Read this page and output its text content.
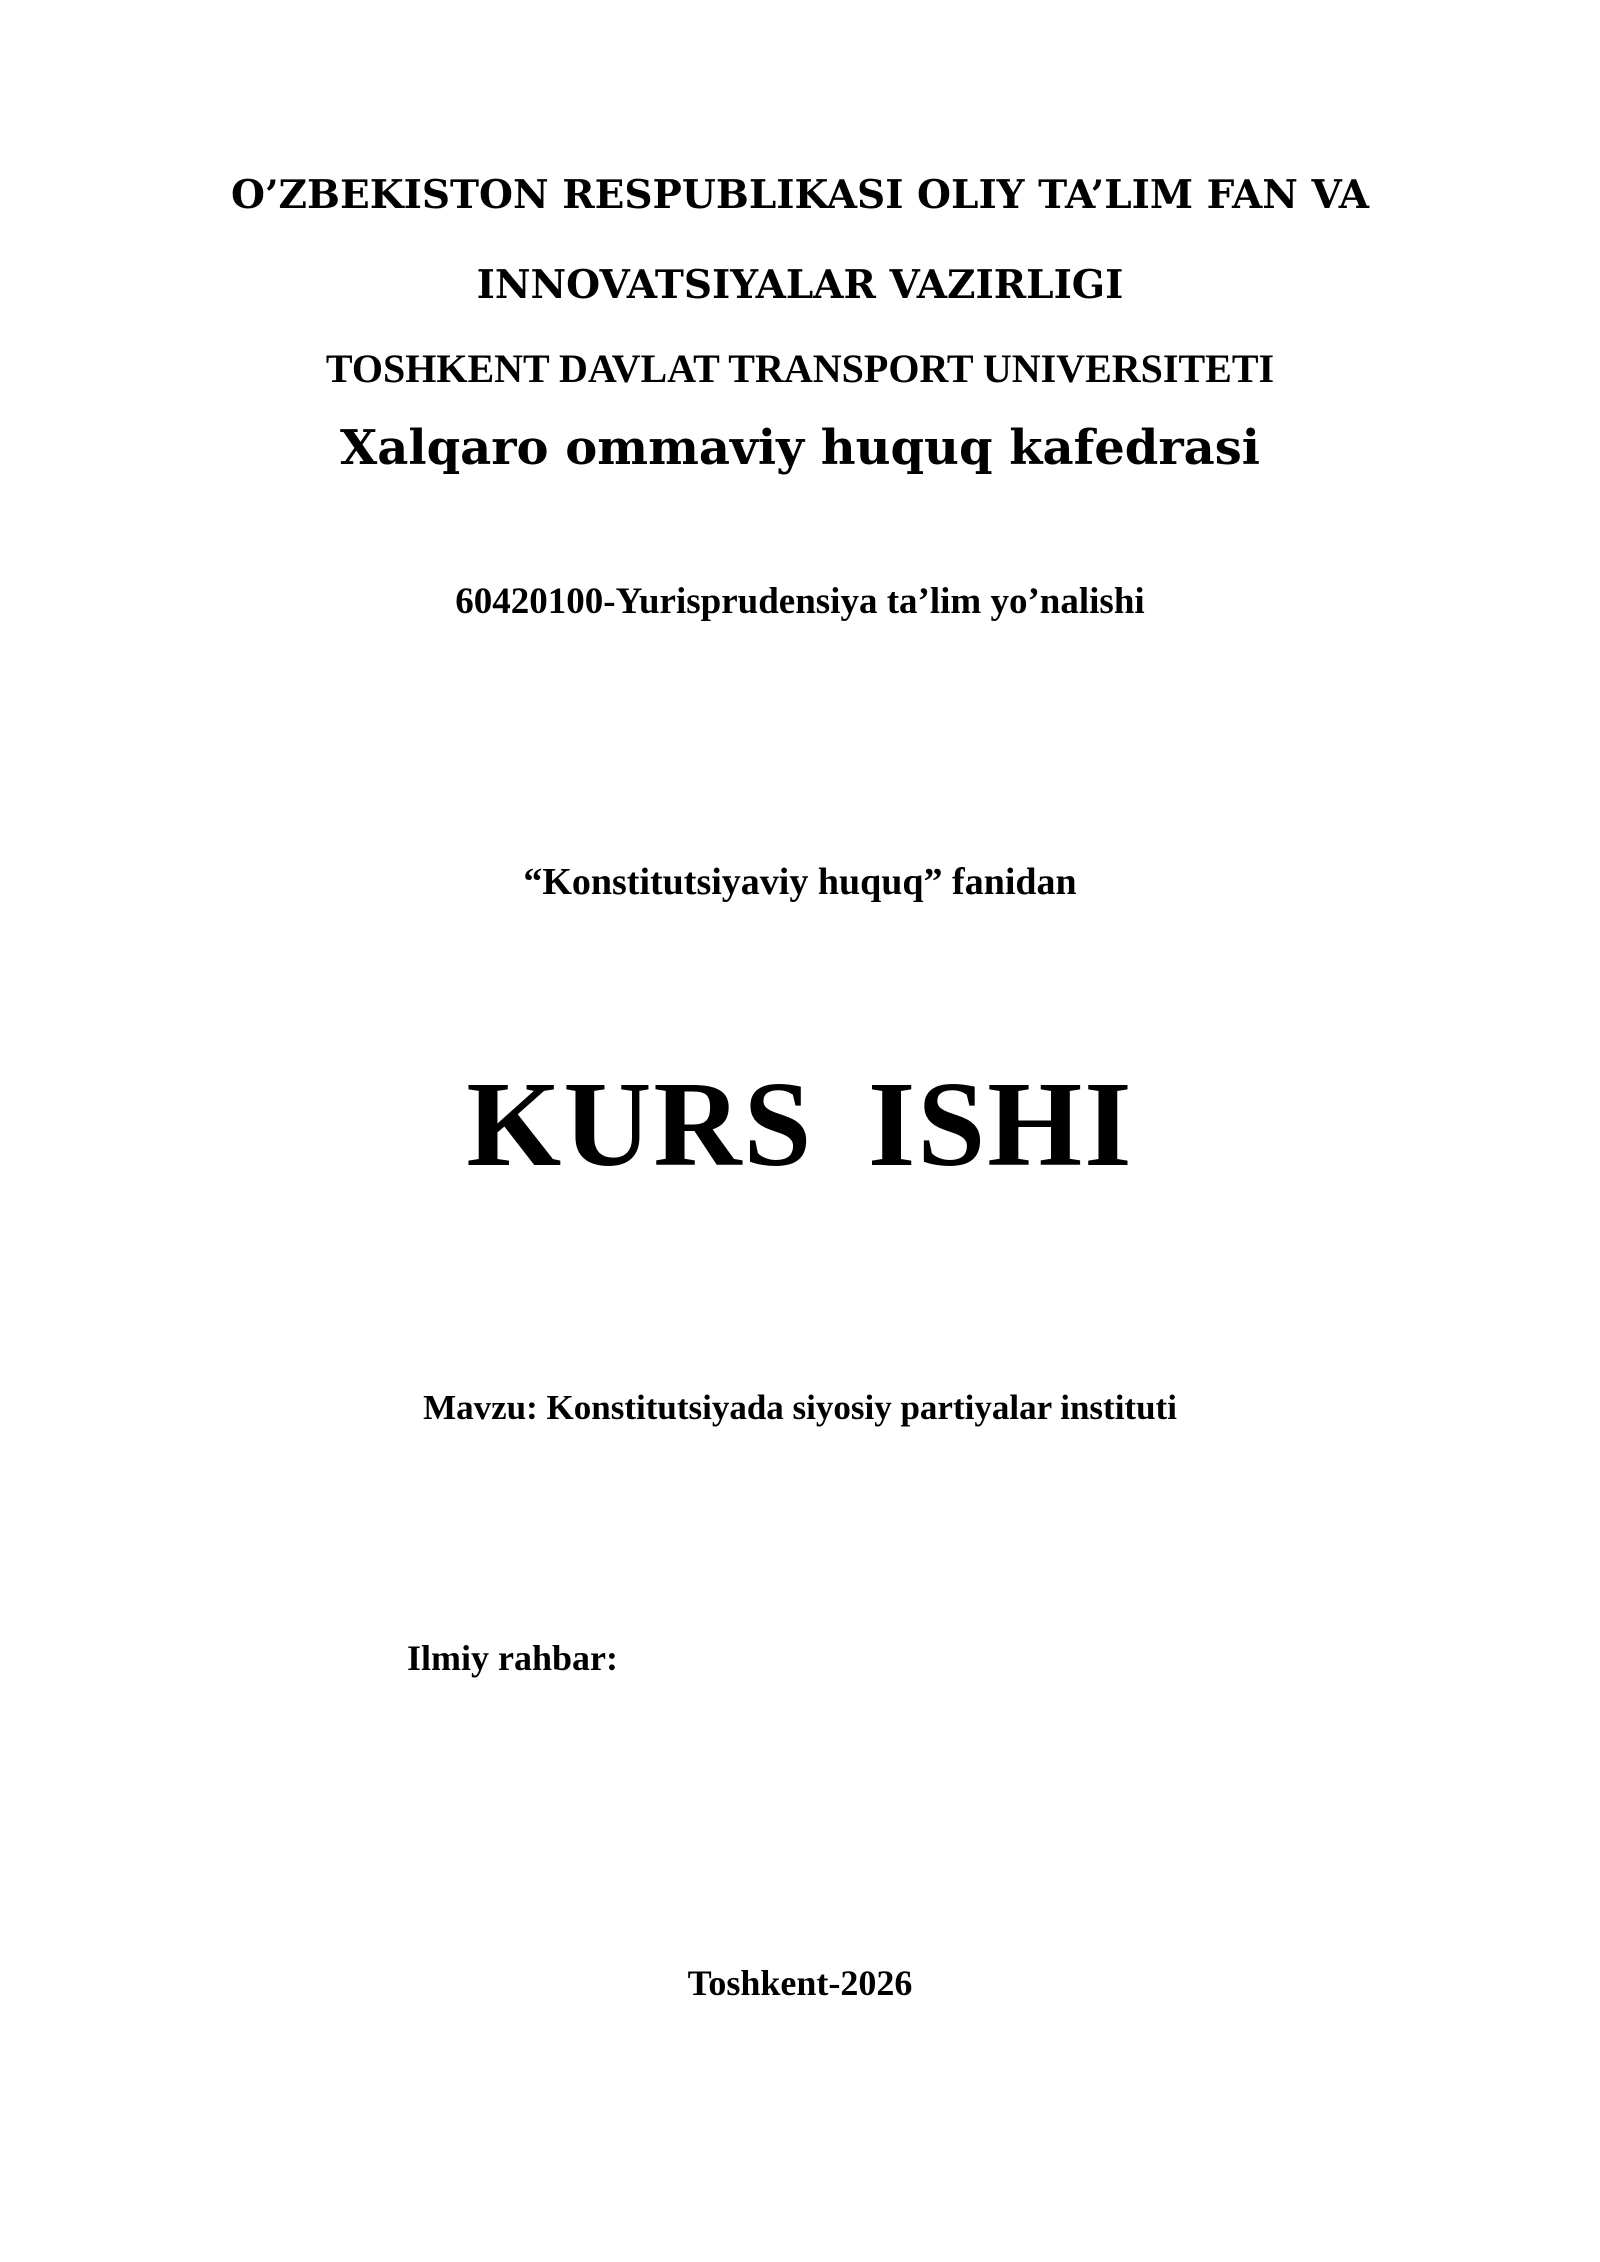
O’ZBEKISTON RESPUBLIKASI OLIY TA’LIM FAN VA

INNOVATSIYALAR VAZIRLIGI

TOSHKENT DAVLAT TRANSPORT UNIVERSITETI

Xalqaro ommaviy huquq kafedrasi

60420100-Yurisprudensiya ta’lim yo’nalishi

“Konstitutsiyaviy huquq” fanidan

KURS ISHI

Mavzu: Konstitutsiyada siyosiy partiyalar instituti

Ilmiy rahbar:

Toshkent-2026
